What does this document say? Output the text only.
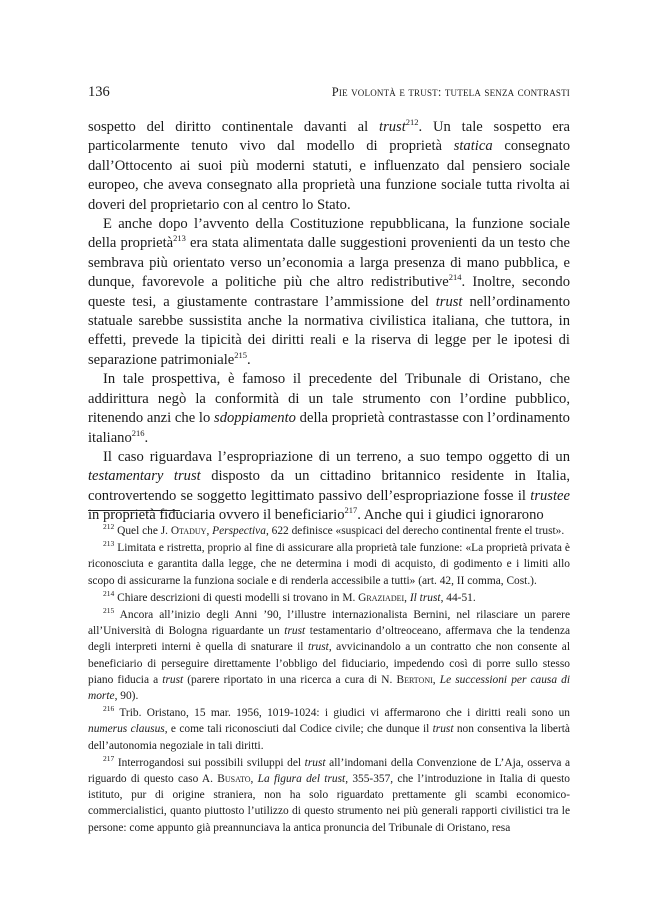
136	Pie volontà e trust: tutela senza contrasti

sospetto del diritto continentale davanti al trust$^{212}$. Un tale sospetto era particolarmente tenuto vivo dal modello di proprietà statica consegnato dall’Ottocento ai suoi più moderni statuti, e influenzato dal pensiero sociale europeo, che aveva consegnato alla proprietà una funzione sociale tutta rivolta ai doveri del proprietario con al centro lo Stato.

E anche dopo l’avvento della Costituzione repubblicana, la funzione sociale della proprietà$^{213}$ era stata alimentata dalle suggestioni provenienti da un testo che sembrava più orientato verso un’economia a larga presenza di mano pubblica, e dunque, favorevole a politiche più che altro redistributive$^{214}$. Inoltre, secondo queste tesi, a giustamente contrastare l’ammissione del trust nell’ordinamento statuale sarebbe sussistita anche la normativa civilistica italiana, che tuttora, in effetti, prevede la tipicità dei diritti reali e la riserva di legge per le ipotesi di separazione patrimoniale$^{215}$.

In tale prospettiva, è famoso il precedente del Tribunale di Oristano, che addirittura negò la conformità di un tale strumento con l’ordine pubblico, ritenendo anzi che lo sdoppiamento della proprietà contrastasse con l’ordinamento italiano$^{216}$.

Il caso riguardava l’espropriazione di un terreno, a suo tempo oggetto di un testamentary trust disposto da un cittadino britannico residente in Italia, controvertendo se soggetto legittimato passivo dell’espropriazione fosse il trustee in proprietà fiduciaria ovvero il beneficiario$^{217}$. Anche qui i giudici ignorarono

$^{212}$ Quel che J. Otaduy, Perspectiva, 622 definisce «suspicaci del derecho continental frente el trust».

$^{213}$ Limitata e ristretta, proprio al fine di assicurare alla proprietà tale funzione: «La proprietà privata è riconosciuta e garantita dalla legge, che ne determina i modi di acquisto, di godimento e i limiti allo scopo di assicurarne la funziona sociale e di renderla accessibile a tutti» (art. 42, II comma, Cost.).

$^{214}$ Chiare descrizioni di questi modelli si trovano in M. Graziadei, Il trust, 44-51.

$^{215}$ Ancora all’inizio degli Anni ’90, l’illustre internazionalista Bernini, nel rilasciare un parere all’Università di Bologna riguardante un trust testamentario d’oltreoceano, affermava che la tendenza degli interpreti interni è quella di snaturare il trust, avvicinandolo a un contratto che non consente al beneficiario di perseguire direttamente l’obbligo del fiduciario, impedendo così di porre sullo stesso piano fiducia a trust (parere riportato in una ricerca a cura di N. Bertoni, Le successioni per causa di morte, 90).

$^{216}$ Trib. Oristano, 15 mar. 1956, 1019-1024: i giudici vi affermarono che i diritti reali sono un numerus clausus, e come tali riconosciuti dal Codice civile; che dunque il trust non consentiva la libertà dell’autonomia negoziale in tali diritti.

$^{217}$ Interrogandosi sui possibili sviluppi del trust all’indomani della Convenzione de L’Aja, osserva a riguardo di questo caso A. Busato, La figura del trust, 355-357, che l’introduzione in Italia di questo istituto, pur di origine straniera, non ha solo riguardato prettamente gli scambi economico-commercialistici, quanto piuttosto l’utilizzo di questo strumento nei più generali rapporti civilistici tra le persone: come appunto già preannunciava la antica pronuncia del Tribunale di Oristano, resa
